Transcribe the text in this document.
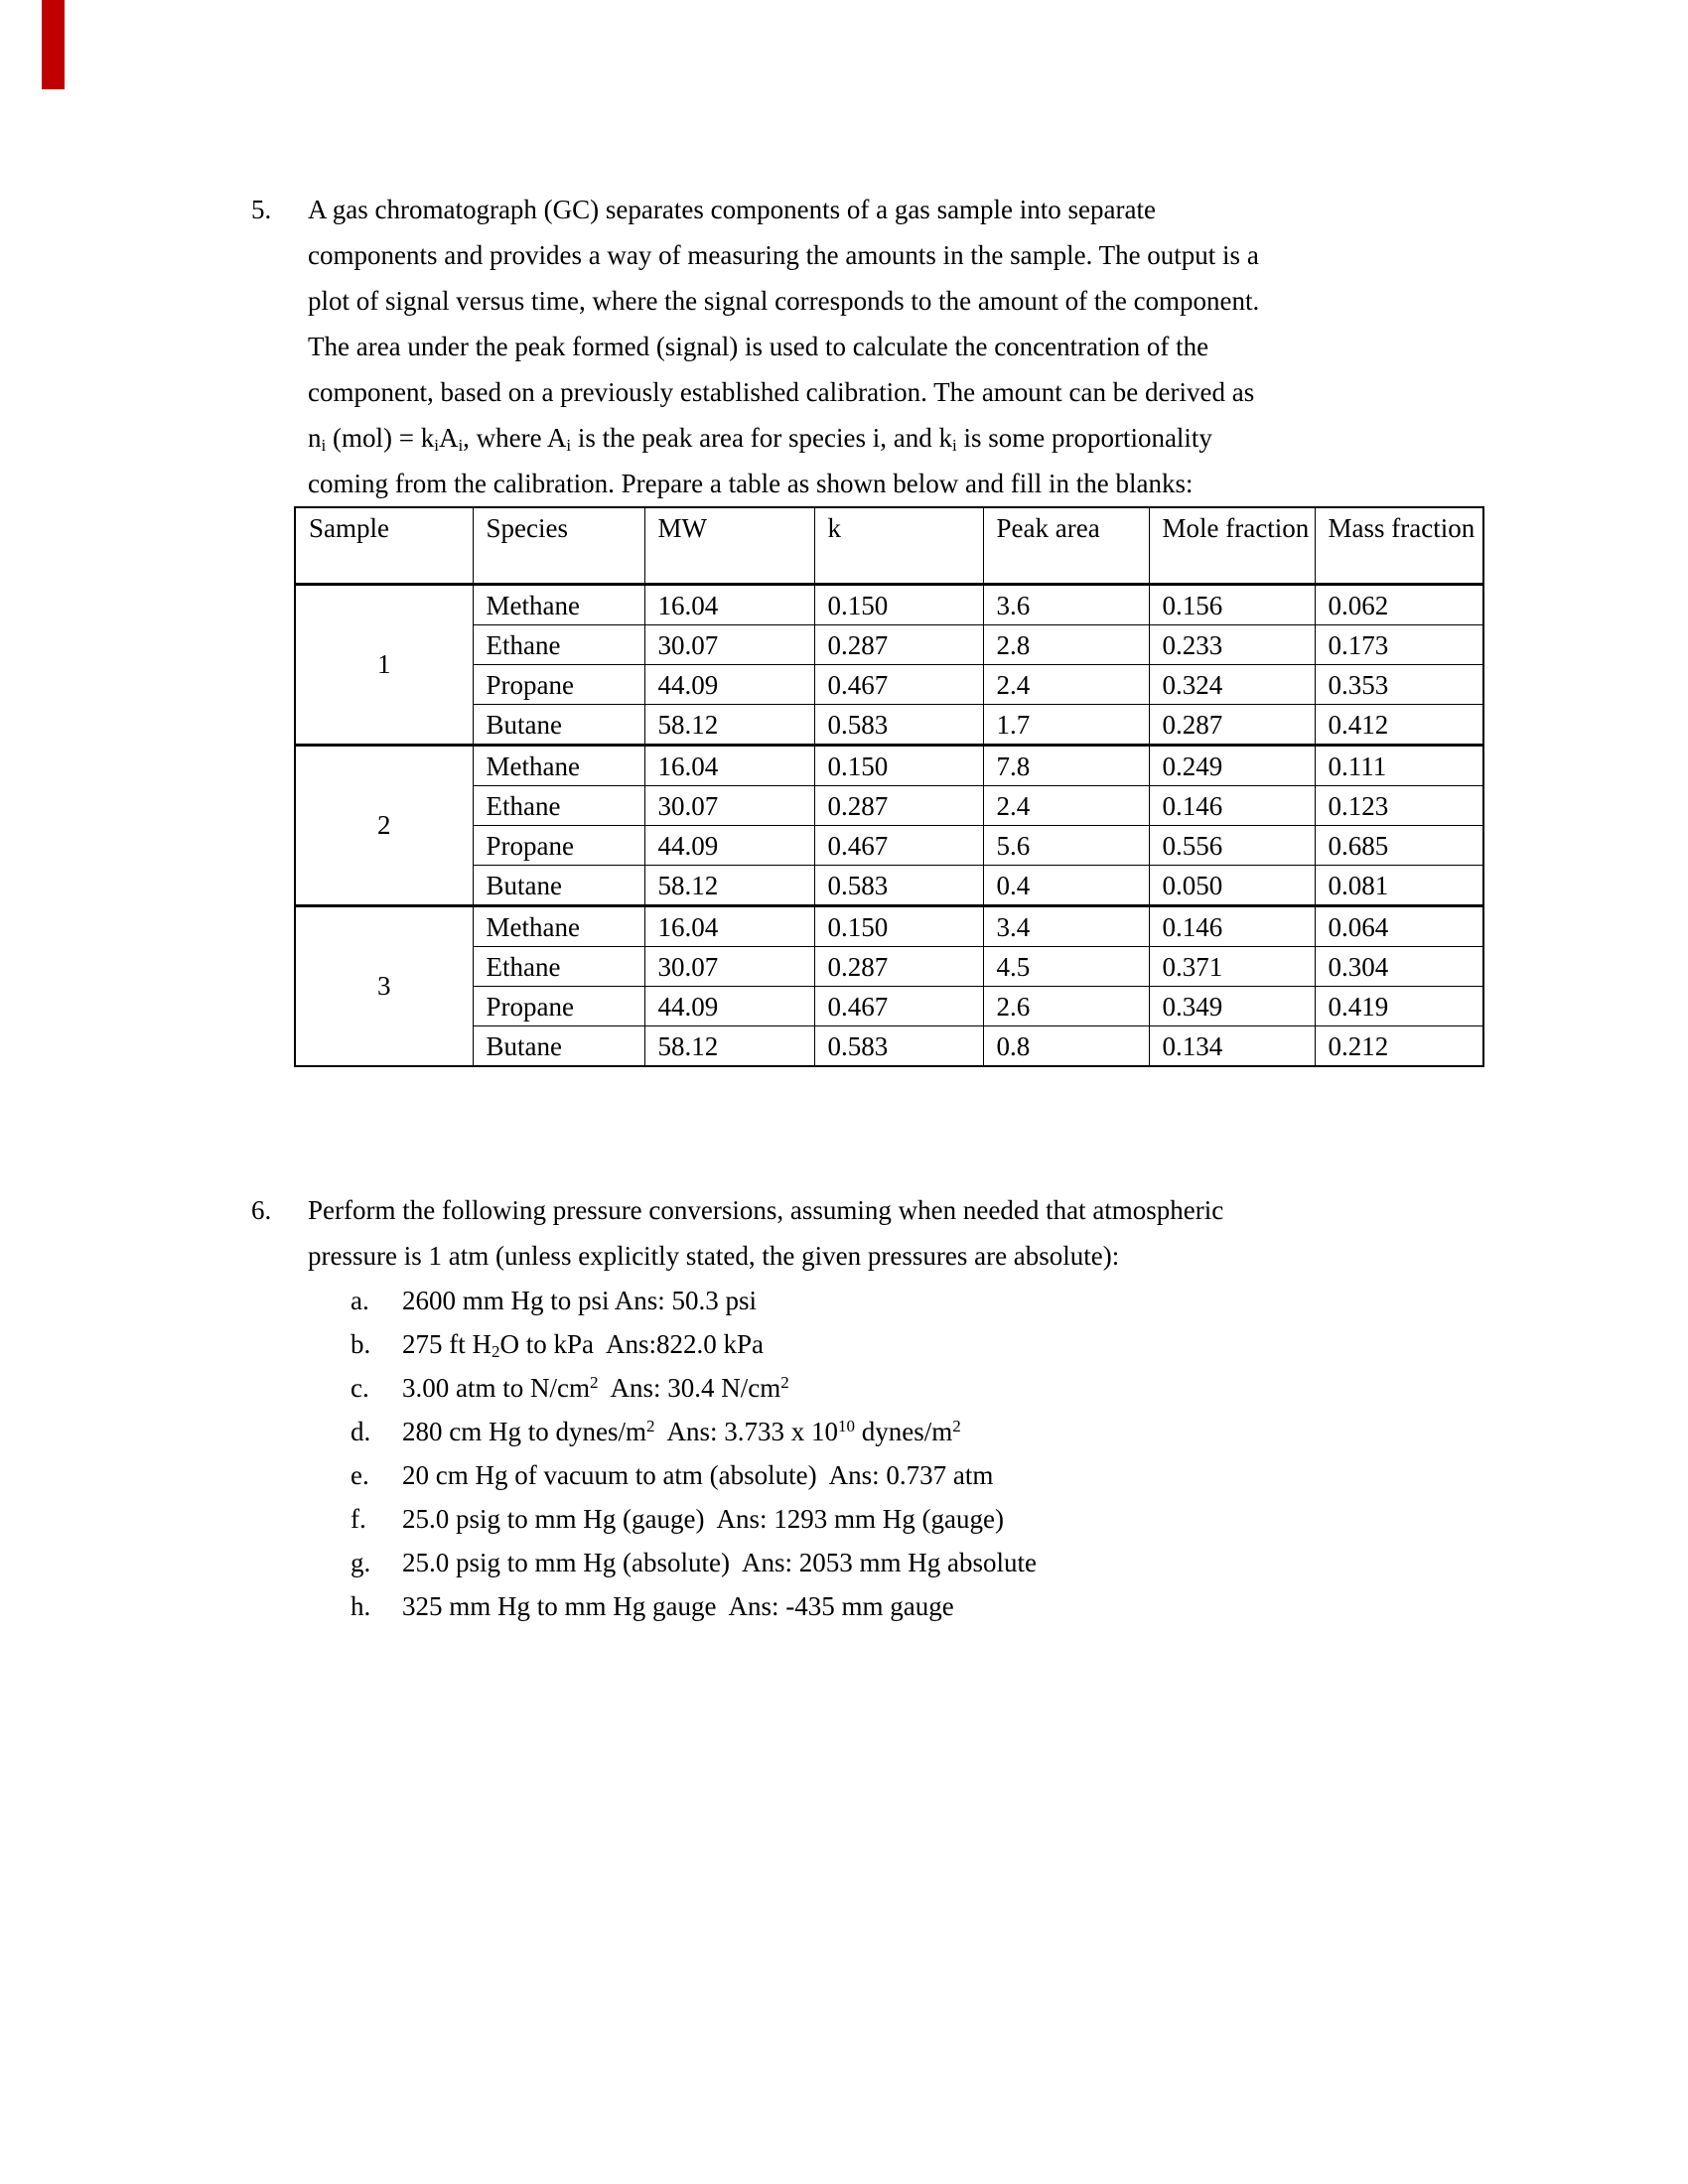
5.	A gas chromatograph (GC) separates components of a gas sample into separate
components and provides a way of measuring the amounts in the sample. The output is a
plot of signal versus time, where the signal corresponds to the amount of the component.
The area under the peak formed (signal) is used to calculate the concentration of the
component, based on a previously established calibration. The amount can be derived as
$n_i$ $(mol) = k_iA_i$, where $A_i$ is the peak area for species i, and $k_i$ is some proportionality
coming from the calibration. Prepare a table as shown below and fill in the blanks:
Sample	Species	MW	k	Peak area	Mole fraction	Mass fraction
1	Methane	16.04	0.150	3.6	0.156	0.062
	Ethane	30.07	0.287	2.8	0.233	0.173
	Propane	44.09	0.467	2.4	0.324	0.353
	Butane	58.12	0.583	1.7	0.287	0.412
2	Methane	16.04	0.150	7.8	0.249	0.111
	Ethane	30.07	0.287	2.4	0.146	0.123
	Propane	44.09	0.467	5.6	0.556	0.685
	Butane	58.12	0.583	0.4	0.050	0.081
3	Methane	16.04	0.150	3.4	0.146	0.064
	Ethane	30.07	0.287	4.5	0.371	0.304
	Propane	44.09	0.467	2.6	0.349	0.419
	Butane	58.12	0.583	0.8	0.134	0.212
6.	Perform the following pressure conversions, assuming when needed that atmospheric
pressure is 1 atm (unless explicitly stated, the given pressures are absolute):
a.	2600 mm Hg to psi Ans: 50.3 psi
b.	275 ft $H_2O$ to kPa  Ans:822.0 kPa
c.	3.00 atm to $N/cm^2$  Ans: 30.4 $N/cm^2$
d.	280 cm Hg to dynes/$m^2$  Ans: 3.733 x $10^{10}$ dynes/$m^2$
e.	20 cm Hg of vacuum to atm (absolute)  Ans: 0.737 atm
f.	25.0 psig to mm Hg (gauge)  Ans: 1293 mm Hg (gauge)
g.	25.0 psig to mm Hg (absolute)  Ans: 2053 mm Hg absolute
h.	325 mm Hg to mm Hg gauge  Ans: -435 mm gauge
